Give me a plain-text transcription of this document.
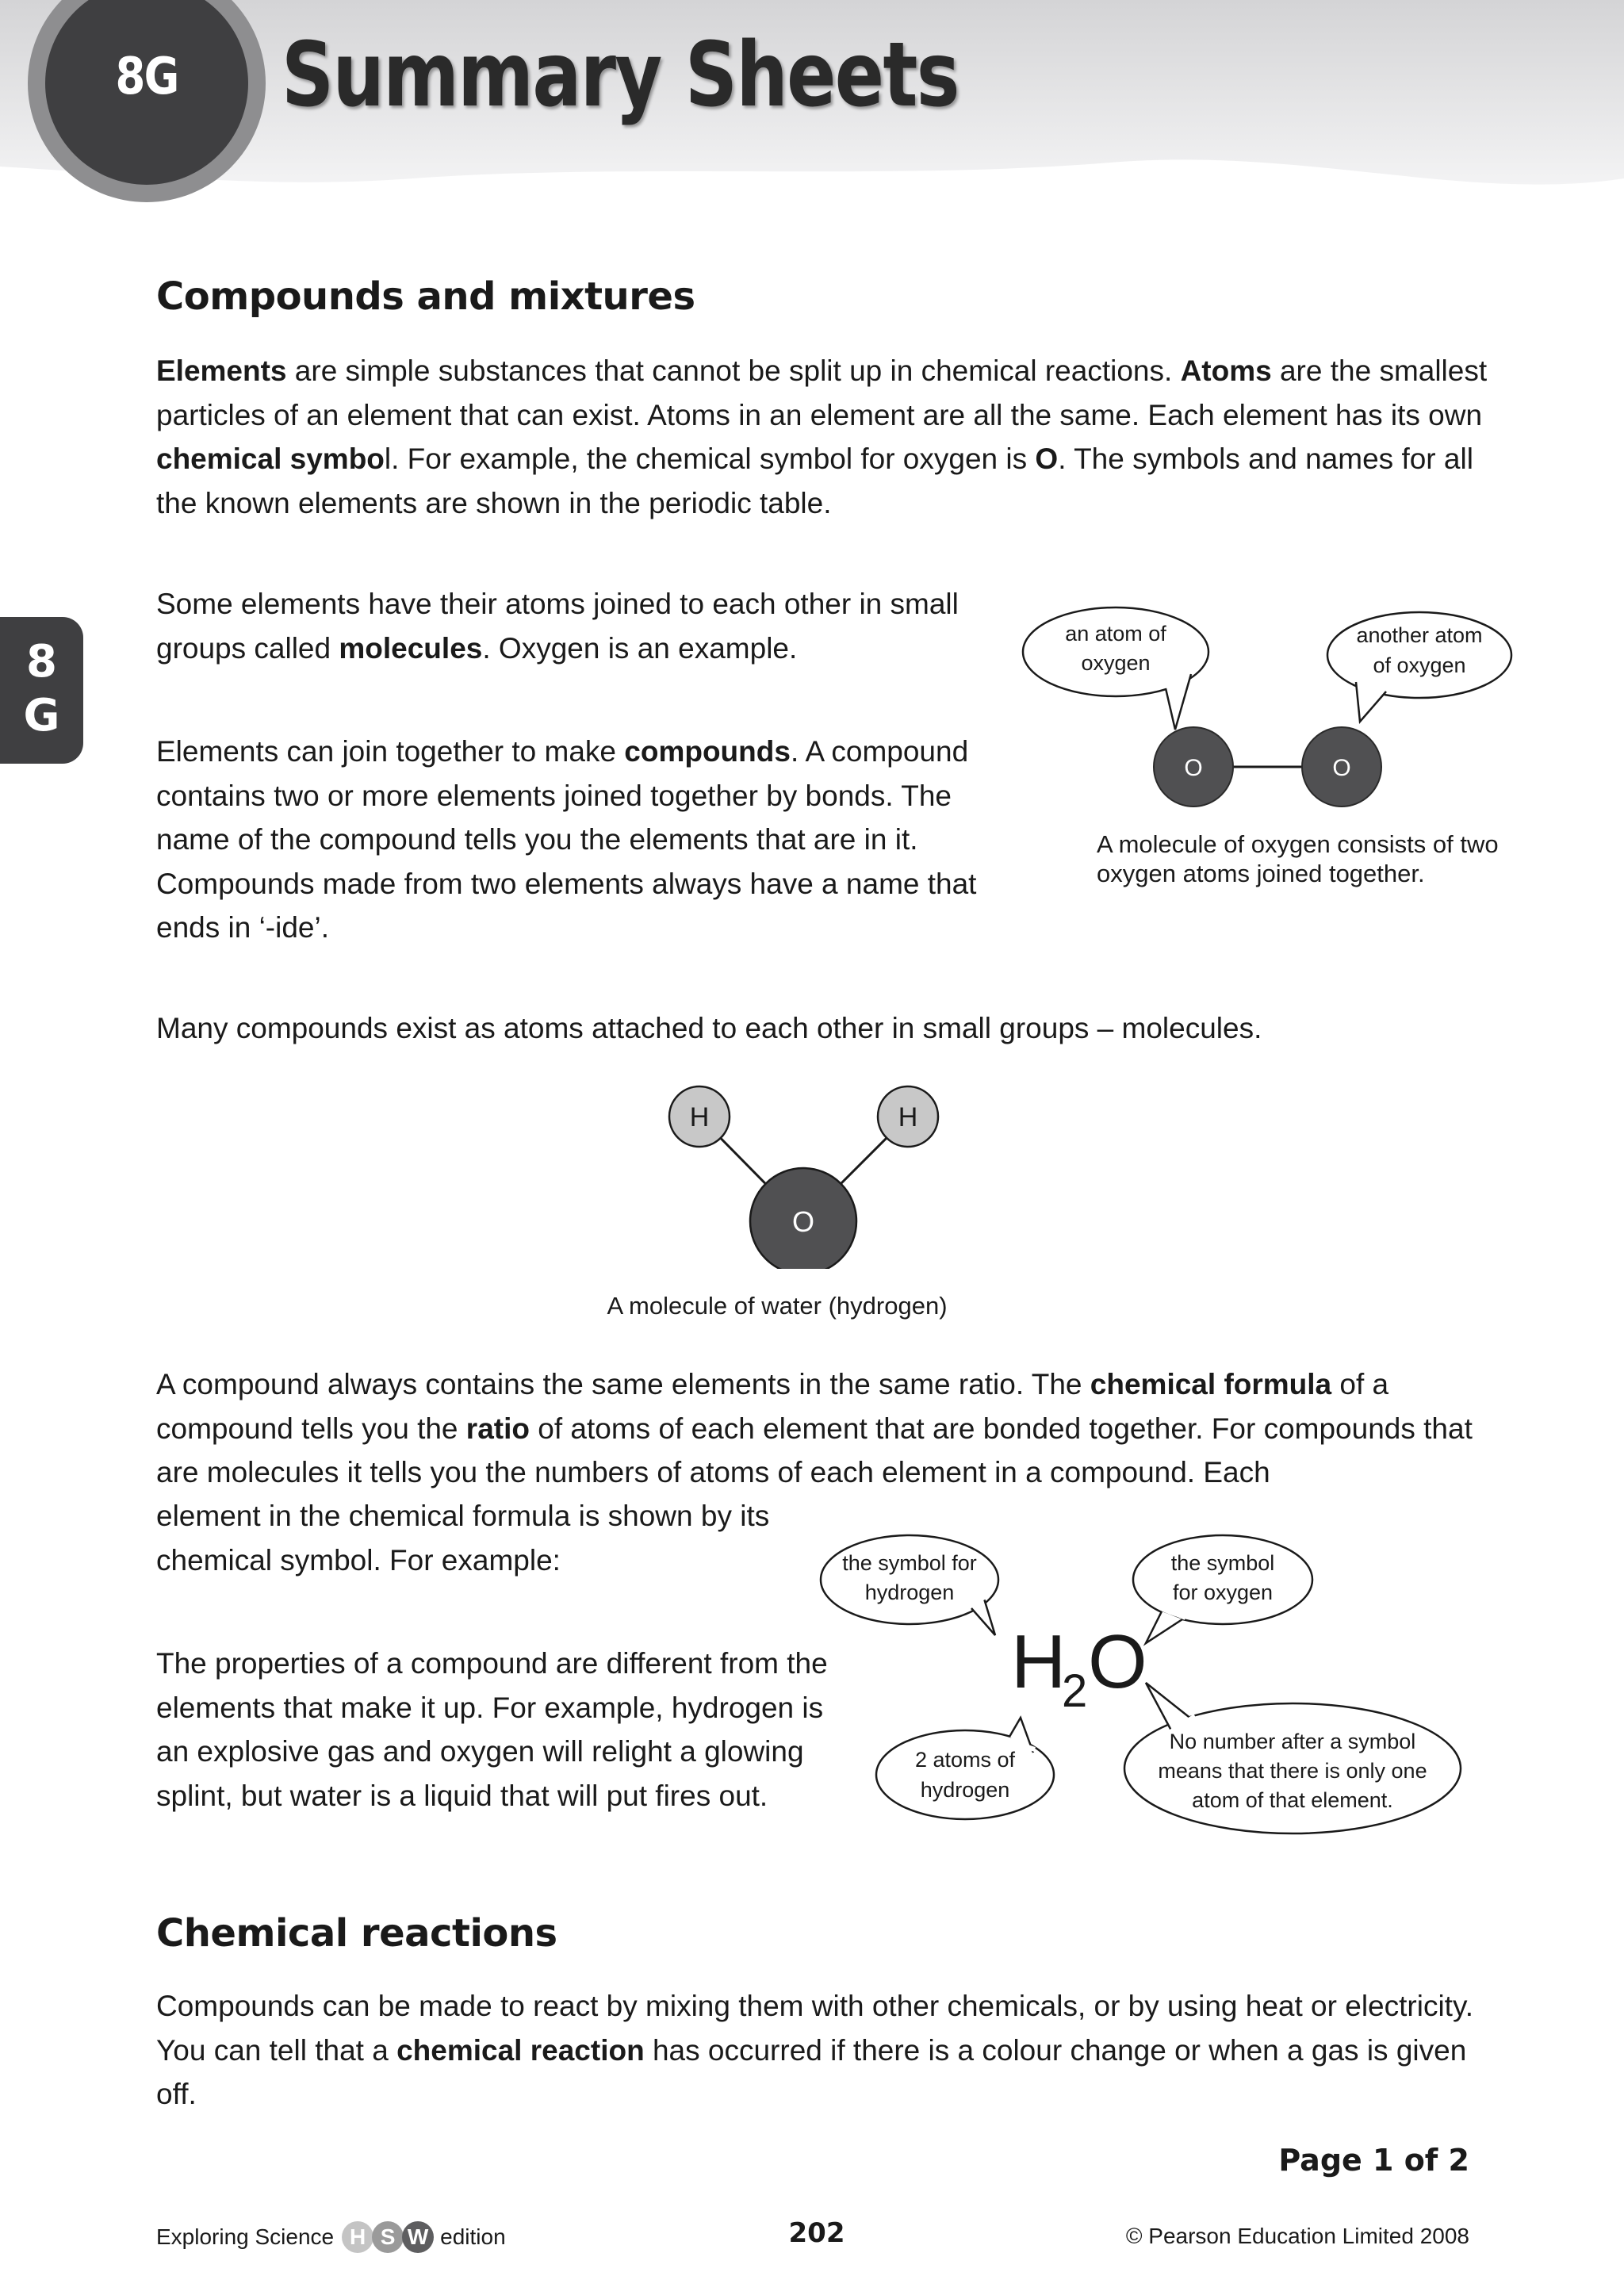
8G Summary Sheets
8
G
Compounds and mixtures
Elements are simple substances that cannot be split up in chemical reactions. Atoms are the smallest particles of an element that can exist. Atoms in an element are all the same. Each element has its own chemical symbol. For example, the chemical symbol for oxygen is O. The symbols and names for all the known elements are shown in the periodic table.
Some elements have their atoms joined to each other in small groups called molecules. Oxygen is an example.
Elements can join together to make compounds. A compound contains two or more elements joined together by bonds. The name of the compound tells you the elements that are in it. Compounds made from two elements always have a name that ends in ‘-ide’.
an atom of
oxygen
another atom
of oxygen
O	O
A molecule of oxygen consists of two oxygen atoms joined together.
Many compounds exist as atoms attached to each other in small groups – molecules.
H	H
O
A molecule of water (hydrogen)
A compound always contains the same elements in the same ratio. The chemical formula of a compound tells you the ratio of atoms of each element that are bonded together. For compounds that are molecules it tells you the numbers of atoms of each element in a compound. Each
element in the chemical formula is shown by its chemical symbol. For example:
The properties of a compound are different from the elements that make it up. For example, hydrogen is an explosive gas and oxygen will relight a glowing splint, but water is a liquid that will put fires out.
the symbol for
hydrogen
the symbol
for oxygen
H
2 O
2 atoms of
hydrogen
No number after a symbol
means that there is only one
atom of that element.
Chemical reactions
Compounds can be made to react by mixing them with other chemicals, or by using heat or electricity. You can tell that a chemical reaction has occurred if there is a colour change or when a gas is given off.
Page 1 of 2
Exploring Science H S W edition	202	© Pearson Education Limited 2008
